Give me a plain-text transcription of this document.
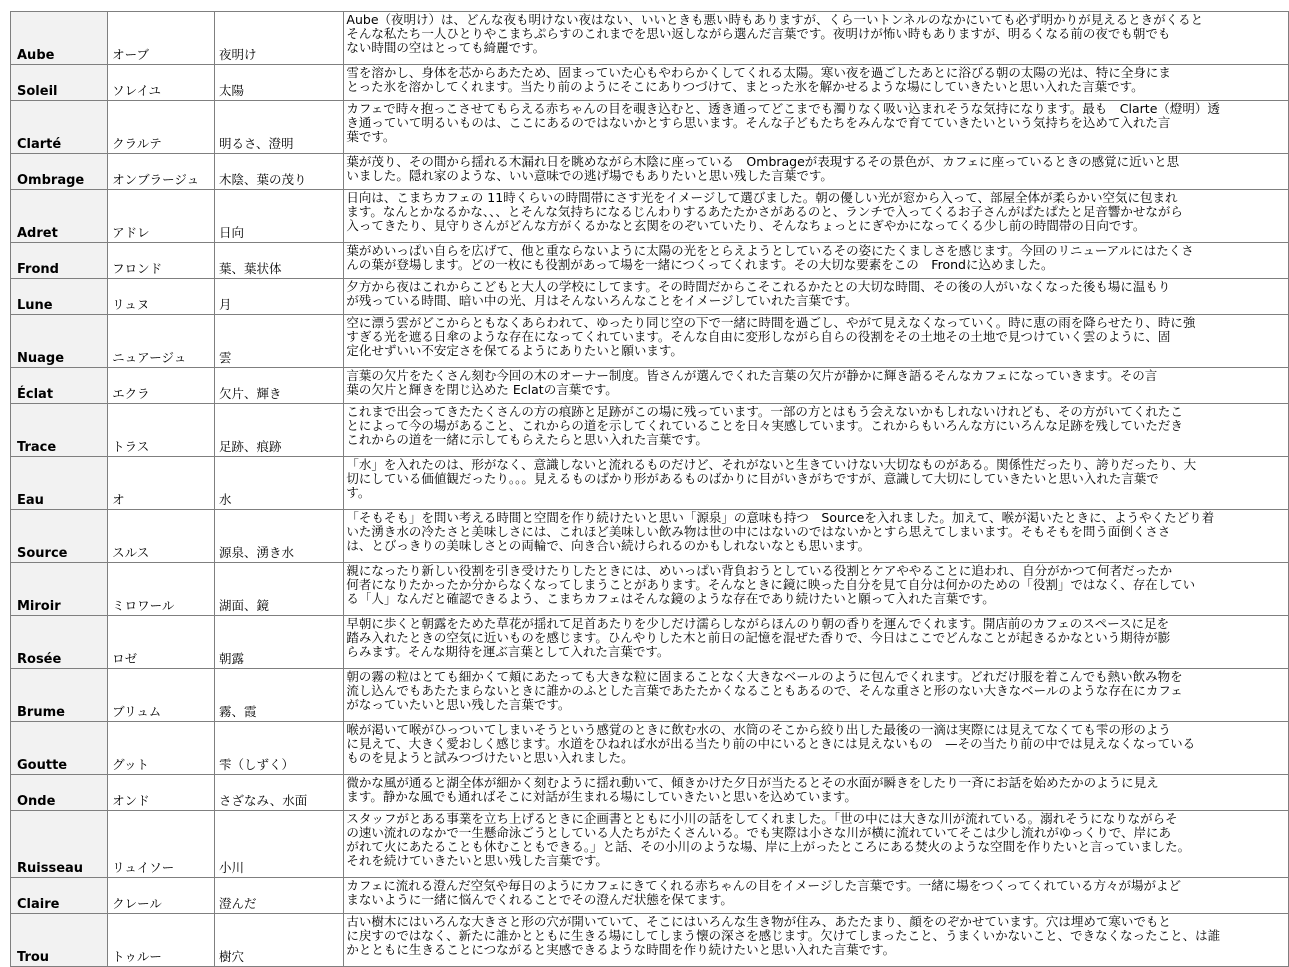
Aube	オーブ	夜明け	Aube（夜明け）は、どんな夜も明けない夜はない、いいときも悪い時もありますが、くら一いトンネルのなかにいても必ず明かりが見えるときがくると
そんな私たち一人ひとりやこまちぷらすのこれまでを思い返しながら選んだ言葉です。夜明けが怖い時もありますが、明るくなる前の夜でも朝でも
ない時間の空はとっても綺麗です。

Soleil	ソレイユ	太陽	雪を溶かし、身体を芯からあたため、固まっていた心もやわらかくしてくれる太陽。寒い夜を過ごしたあとに浴びる朝の太陽の光は、特に全身にま
とった氷を溶かしてくれます。当たり前のようにそこにありつづけて、まとった氷を解かせるような場にしていきたいと思い入れた言葉です。

Clarté	クラルテ	明るさ、澄明	カフェで時々抱っこさせてもらえる赤ちゃんの目を覗き込むと、透き通ってどこまでも濁りなく吸い込まれそうな気持になります。最も　Clarte（燈明）透
き通っていて明るいものは、ここにあるのではないかとすら思います。そんな子どもたちをみんなで育てていきたいという気持ちを込めて入れた言
葉です。

Ombrage	オンブラージュ	木陰、葉の茂り	葉が茂り、その間から揺れる木漏れ日を眺めながら木陰に座っている　Ombrageが表現するその景色が、カフェに座っているときの感覚に近いと思
いました。隠れ家のような、いい意味での逃げ場でもありたいと思い残した言葉です。

Adret	アドレ	日向	日向は、こまちカフェの 11時くらいの時間帯にさす光をイメージして選びました。朝の優しい光が窓から入って、部屋全体が柔らかい空気に包まれ
ます。なんとかなるかな、、、とそんな気持ちになるじんわりするあたたかさがあるのと、ランチで入ってくるお子さんがぱたぱたと足音響かせながら
入ってきたり、見守りさんがどんな方がくるかなと玄関をのぞいていたり、そんなちょっとにぎやかになってくる少し前の時間帯の日向です。

Frond	フロンド	葉、葉状体	葉がめいっぱい自らを広げて、他と重ならないように太陽の光をとらえようとしているその姿にたくましさを感じます。今回のリニューアルにはたくさ
んの葉が登場します。どの一枚にも役割があって場を一緒につくってくれます。その大切な要素をこの　Frondに込めました。

Lune	リュヌ	月	夕方から夜はこれからこどもと大人の学校にしてます。その時間だからこそこれるかたとの大切な時間、その後の人がいなくなった後も場に温もり
が残っている時間、暗い中の光、月はそんないろんなことをイメージしていれた言葉です。

Nuage	ニュアージュ	雲	空に漂う雲がどこからともなくあらわれて、ゆったり同じ空の下で一緒に時間を過ごし、やがて見えなくなっていく。時に恵の雨を降らせたり、時に強
すぎる光を遮る日傘のような存在になってくれています。そんな自由に変形しながら自らの役割をその土地その土地で見つけていく雲のように、固
定化せずいい不安定さを保てるようにありたいと願います。

Éclat	エクラ	欠片、輝き	言葉の欠片をたくさん刻む今回の木のオーナー制度。皆さんが選んでくれた言葉の欠片が静かに輝き語るそんなカフェになっていきます。その言
葉の欠片と輝きを閉じ込めた Eclatの言葉です。

Trace	トラス	足跡、痕跡	これまで出会ってきたたくさんの方の痕跡と足跡がこの場に残っています。一部の方とはもう会えないかもしれないけれども、その方がいてくれたこ
とによって今の場があること、これからの道を示してくれていることを日々実感しています。これからもいろんな方にいろんな足跡を残していただき
これからの道を一緒に示してもらえたらと思い入れた言葉です。

Eau	オ	水	「水」を入れたのは、形がなく、意識しないと流れるものだけど、それがないと生きていけない大切なものがある。関係性だったり、誇りだったり、大
切にしている価値観だったり。。。見えるものばかり形があるものばかりに目がいきがちですが、意識して大切にしていきたいと思い入れた言葉で
す。

Source	スルス	源泉、湧き水	「そもそも」を問い考える時間と空間を作り続けたいと思い「源泉」の意味も持つ　Sourceを入れました。加えて、喉が渇いたときに、ようやくたどり着
いた湧き水の冷たさと美味しさには、これほど美味しい飲み物は世の中にはないのではないかとすら思えてしまいます。そもそもを問う面倒くささ
は、とびっきりの美味しさとの両輪で、向き合い続けられるのかもしれないなとも思います。

Miroir	ミロワール	湖面、鏡	親になったり新しい役割を引き受けたりしたときには、めいっぱい背負おうとしている役割とケアややることに追われ、自分がかつて何者だったか
何者になりたかったか分からなくなってしまうことがあります。そんなときに鏡に映った自分を見て自分は何かのための「役割」ではなく、存在してい
る「人」なんだと確認できるよう、こまちカフェはそんな鏡のような存在であり続けたいと願って入れた言葉です。

Rosée	ロゼ	朝露	早朝に歩くと朝露をためた草花が揺れて足首あたりを少しだけ濡らしながらほんのり朝の香りを運んでくれます。開店前のカフェのスペースに足を
踏み入れたときの空気に近いものを感じます。ひんやりした木と前日の記憶を混ぜた香りで、今日はここでどんなことが起きるかなという期待が膨
らみます。そんな期待を運ぶ言葉として入れた言葉です。

Brume	ブリュム	霧、霞	朝の霧の粒はとても細かくて頬にあたっても大きな粒に固まることなく大きなベールのように包んでくれます。どれだけ服を着こんでも熱い飲み物を
流し込んでもあたたまらないときに誰かのふとした言葉であたたかくなることもあるので、そんな重さと形のない大きなベールのような存在にカフェ
がなっていたいと思い残した言葉です。

Goutte	グット	雫（しずく）	喉が渇いて喉がひっついてしまいそうという感覚のときに飲む水の、水筒のそこから絞り出した最後の一滴は実際には見えてなくても雫の形のよう
に見えて、大きく愛おしく感じます。水道をひねれば水が出る当たり前の中にいるときには見えないもの　—その当たり前の中では見えなくなっている
ものを見ようと試みつづけたいと思い入れました。

Onde	オンド	さざなみ、水面	微かな風が通ると湖全体が細かく刻むように揺れ動いて、傾きかけた夕日が当たるとその水面が瞬きをしたり一斉にお話を始めたかのように見え
ます。静かな風でも通ればそこに対話が生まれる場にしていきたいと思いを込めています。

Ruisseau	リュイソー	小川	スタッフがとある事業を立ち上げるときに企画書とともに小川の話をしてくれました。「世の中には大きな川が流れている。溺れそうになりながらそ
の速い流れのなかで一生懸命泳ごうとしている人たちがたくさんいる。でも実際は小さな川が横に流れていてそこは少し流れがゆっくりで、岸にあ
がれて火にあたることも休むこともできる。」と話、その小川のような場、岸に上がったところにある焚火のような空間を作りたいと言っていました。
それを続けていきたいと思い残した言葉です。

Claire	クレール	澄んだ	カフェに流れる澄んだ空気や毎日のようにカフェにきてくれる赤ちゃんの目をイメージした言葉です。一緒に場をつくってくれている方々が場がよど
まないように一緒に悩んでくれることでその澄んだ状態を保てます。

Trou	トゥルー	樹穴	古い樹木にはいろんな大きさと形の穴が開いていて、そこにはいろんな生き物が住み、あたたまり、顔をのぞかせています。穴は埋めて寒いでもと
に戻すのではなく、新たに誰かとともに生きる場にしてしまう懐の深さを感じます。欠けてしまったこと、うまくいかないこと、できなくなったこと、は誰
かとともに生きることにつながると実感できるような時間を作り続けたいと思い入れた言葉です。
